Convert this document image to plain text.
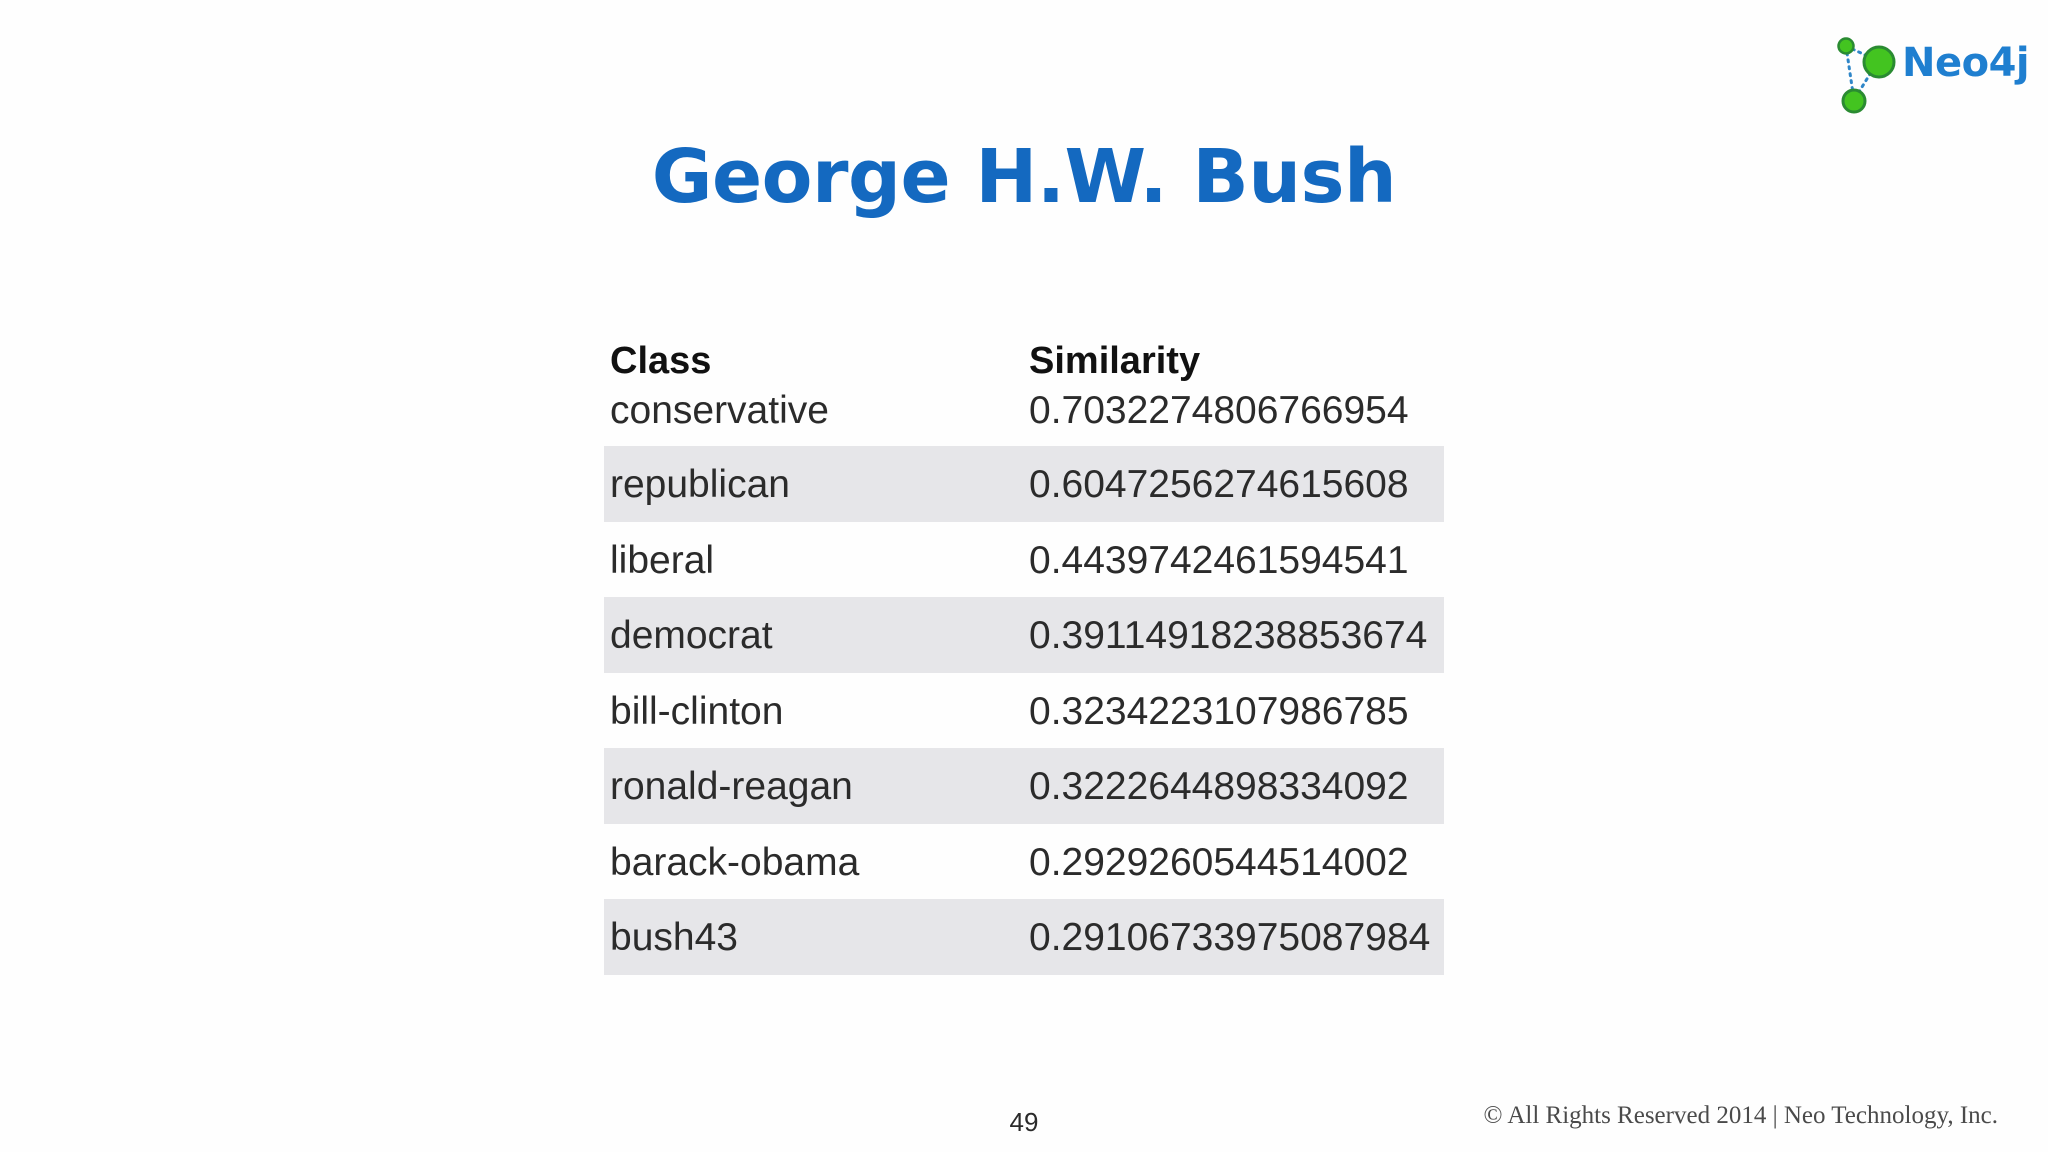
Neo4j
George H.W. Bush
Class	Similarity
conservative	0.7032274806766954
republican	0.6047256274615608
liberal	0.4439742461594541
democrat	0.39114918238853674
bill-clinton	0.3234223107986785
ronald-reagan	0.3222644898334092
barack-obama	0.2929260544514002
bush43	0.29106733975087984
49	© All Rights Reserved 2014 | Neo Technology, Inc.
